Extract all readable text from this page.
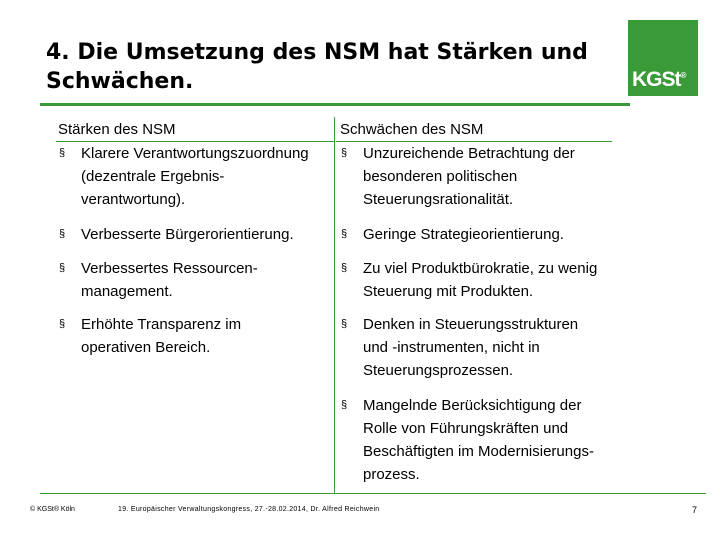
4. Die Umsetzung des NSM hat Stärken und
Schwächen.	KGSt®
Stärken des NSM	Schwächen des NSM
§ Klarere Verantwortungszuordnung
(dezentrale Ergebnis-
verantwortung).
§ Verbesserte Bürgerorientierung.
§ Verbessertes Ressourcen-
management.
§ Erhöhte Transparenz im
operativen Bereich.
§ Unzureichende Betrachtung der
besonderen politischen
Steuerungsrationalität.
§ Geringe Strategieorientierung.
§ Zu viel Produktbürokratie, zu wenig
Steuerung mit Produkten.
§ Denken in Steuerungsstrukturen
und -instrumenten, nicht in
Steuerungsprozessen.
§ Mangelnde Berücksichtigung der
Rolle von Führungskräften und
Beschäftigten im Modernisierungs-
prozess.
© KGSt® Köln	19. Europäischer Verwaltungskongress, 27.-28.02.2014, Dr. Alfred Reichwein	7
